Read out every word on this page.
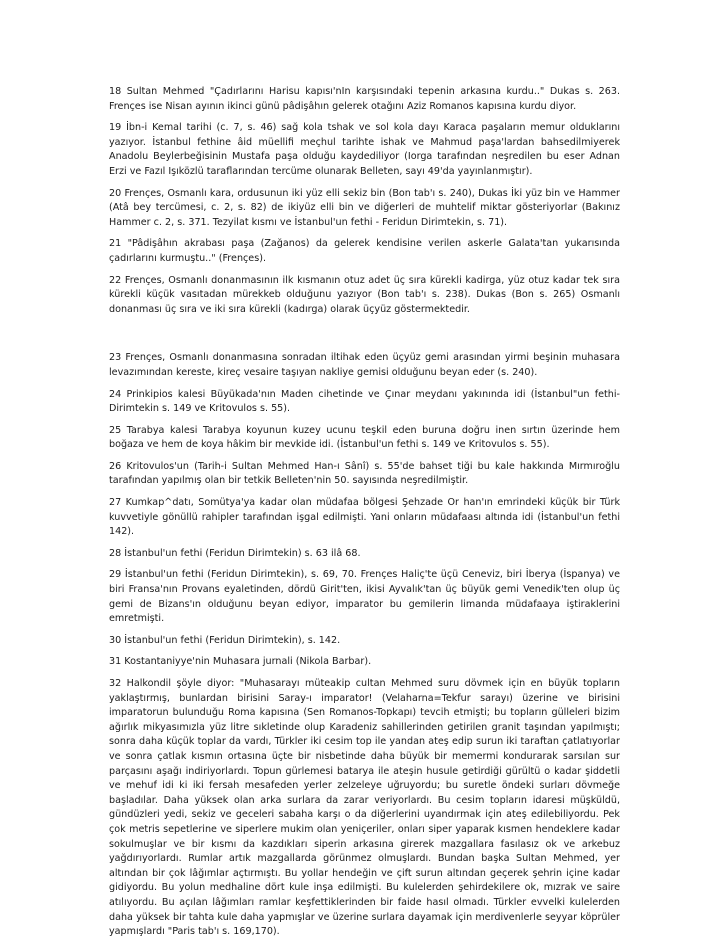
18 Sultan Mehmed "Çadırlarını Harisu kapısı'nIn karşısındaki tepenin arkasına kurdu.." Dukas s. 263. Frençes ise Nisan ayının ikinci günü pâdişâhın gelerek otağını Aziz Romanos kapısına kurdu diyor.

19 İbn-i Kemal tarihi (c. 7, s. 46) sağ kola tshak ve sol kola dayı Karaca paşaların memur olduklarını yazıyor. İstanbul fethine âid müellifi meçhul tarihte ishak ve Mahmud paşa'lardan bahsedilmiyerek Anadolu Beylerbeğisinin Mustafa paşa olduğu kaydediliyor (Iorga tarafından neşredilen bu eser Adnan Erzi ve Fazıl Işıközlü taraflarından tercüme olunarak Belleten, sayı 49'da yayınlanmıştır).

20 Frençes, Osmanlı kara, ordusunun iki yüz elli sekiz bin (Bon tab'ı s. 240), Dukas İki yüz bin ve Hammer (Atâ bey tercümesi, c. 2, s. 82) de ikiyüz elli bin ve diğerleri de muhtelif miktar gösteriyorlar (Bakınız Hammer c. 2, s. 371. Tezyilat kısmı ve İstanbul'un fethi - Feridun Dirimtekin, s. 71).

21 "Pâdişâhın akrabası paşa (Zağanos) da gelerek kendisine verilen askerle Galata'tan yukarısında çadırlarını kurmuştu.." (Frençes).

22 Frençes, Osmanlı donanmasının ilk kısmanın otuz adet üç sıra kürekli kadirga, yüz otuz kadar tek sıra kürekli küçük vasıtadan mürekkeb olduğunu yazıyor (Bon tab'ı s. 238). Dukas (Bon s. 265) Osmanlı donanması üç sıra ve iki sıra kürekli (kadırga) olarak üçyüz göstermektedir.

23 Frençes, Osmanlı donanmasına sonradan iltihak eden üçyüz gemi arasından yirmi beşinin muhasara levazımından kereste, kireç vesaire taşıyan nakliye gemisi olduğunu beyan eder (s. 240).

24 Prinkipios kalesi Büyükada'nın Maden cihetinde ve Çınar meydanı yakınında idi (İstanbul"un fethi-Dirimtekin s. 149 ve Kritovulos s. 55).

25 Tarabya kalesi Tarabya koyunun kuzey ucunu teşkil eden buruna doğru inen sırtın üzerinde hem boğaza ve hem de koya hâkim bir mevkide idi. (İstanbul'un fethi s. 149 ve Kritovulos s. 55).

26 Kritovulos'un (Tarih-i Sultan Mehmed Han-ı Sânî) s. 55'de bahset tiği bu kale hakkında Mırmıroğlu tarafından yapılmış olan bir tetkik Belleten'nin 50. sayısında neşredilmiştir.

27 Kumkap^datı, Somütya'ya kadar olan müdafaa bölgesi Şehzade Or han'ın emrindeki küçük bir Türk kuvvetiyle gönüllü rahipler tarafından işgal edilmişti. Yani onların müdafaası altında idi (İstanbul'un fethi 142).

28 İstanbul'un fethi (Feridun Dirimtekin) s. 63 ilâ 68.

29 İstanbul'un fethi (Feridun Dirimtekin), s. 69, 70. Frençes Haliç'te üçü Ceneviz, biri İberya (İspanya) ve biri Fransa'nın Provans eyaletinden, dördü Girit'ten, ikisi Ayvalık'tan üç büyük gemi Venedik'ten olup üç gemi de Bizans'ın olduğunu beyan ediyor, imparator bu gemilerin limanda müdafaaya iştiraklerini emretmişti.

30 İstanbul'un fethi (Feridun Dirimtekin), s. 142.

31 Kostantaniyye'nin Muhasara jurnali (Nikola Barbar).

32 Halkondil şöyle diyor: "Muhasarayı müteakip cultan Mehmed suru dövmek için en büyük topların yaklaştırmış, bunlardan birisini Saray-ı imparator! (Velaharna=Tekfur sarayı) üzerine ve birisini imparatorun bulunduğu Roma kapısına (Sen Romanos-Topkapı) tevcih etmişti; bu topların gülleleri bizim ağırlık mikyasımızla yüz litre sıkletinde olup Karadeniz sahillerinden getirilen granit taşından yapılmıştı; sonra daha küçük toplar da vardı, Türkler iki cesim top ile yandan ateş edip surun iki taraftan çatlatıyorlar ve sonra çatlak kısmın ortasına üçte bir nisbetinde daha büyük bir memermi kondurarak sarsılan sur parçasını aşağı indiriyorlardı. Topun gürlemesi batarya ile ateşin husule getirdiği gürültü o kadar şiddetli ve mehuf idi ki iki fersah mesafeden yerler zelzeleye uğruyordu; bu suretle öndeki surları dövmeğe başladılar. Daha yüksek olan arka surlara da zarar veriyorlardı. Bu cesim topların idaresi müşküldü, gündüzleri yedi, sekiz ve geceleri sabaha karşı o da diğerlerini uyandırmak için ateş edilebiliyordu. Pek çok metris sepetlerine ve siperlere mukim olan yeniçeriler, onları siper yaparak kısmen hendeklere kadar sokulmuşlar ve bir kısmı da kazdıkları siperin arkasına girerek mazgallara fasılasız ok ve arkebuz yağdırıyorlardı. Rumlar artık mazgallarda görünmez olmuşlardı. Bundan başka Sultan Mehmed, yer altından bir çok lâğımlar açtırmıştı. Bu yollar hendeğin ve çift surun altından geçerek şehrin içine kadar gidiyordu. Bu yolun medhaline dört kule inşa edilmişti. Bu kulelerden şehirdekilere ok, mızrak ve saire atılıyordu. Bu açılan lâğımları ramlar keşfettiklerinden bir faide hasıl olmadı. Türkler evvelki kulelerden daha yüksek bir tahta kule daha yapmışlar ve üzerine surlara dayamak için merdivenlerle seyyar köprüler yapmışlardı "Paris tab'ı s. 169,170).
